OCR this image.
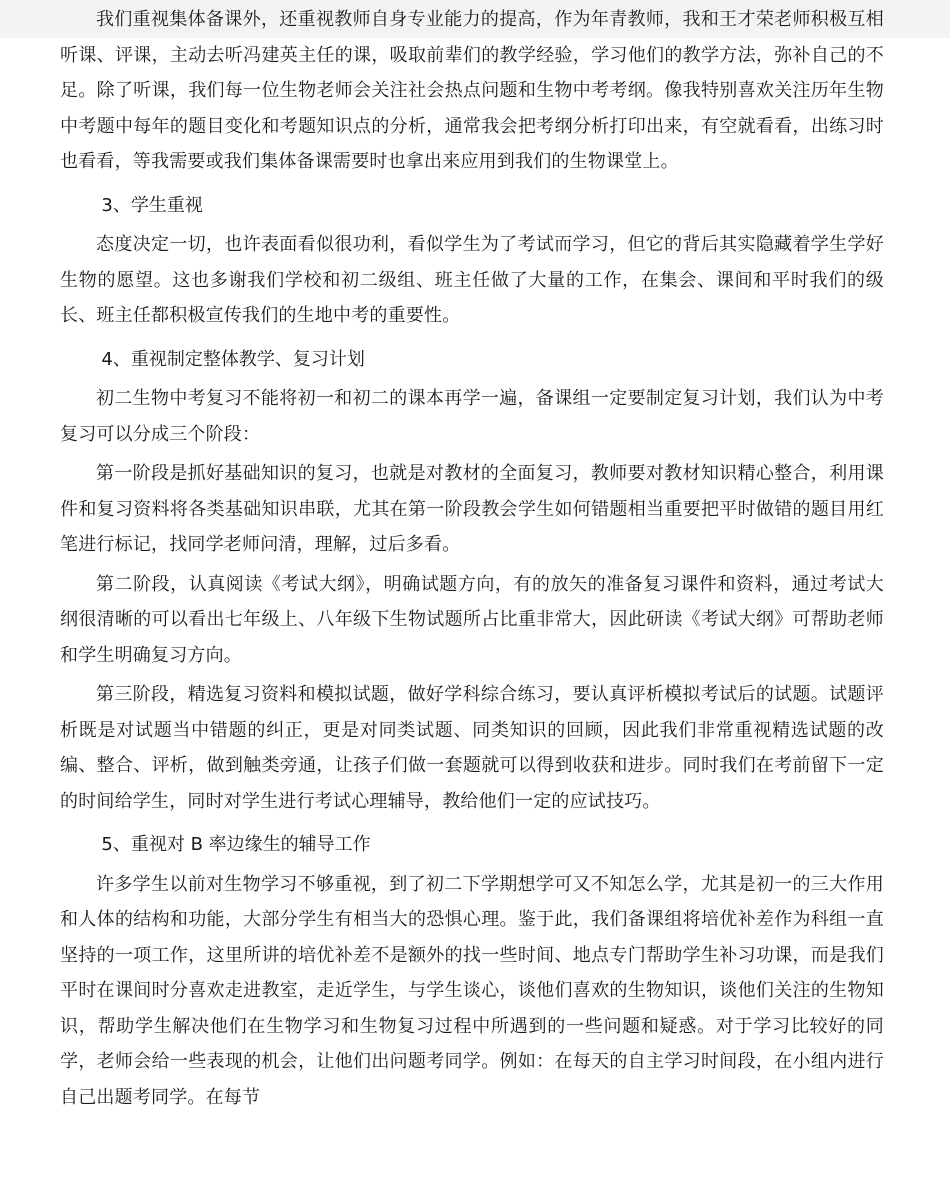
我们重视集体备课外，还重视教师自身专业能力的提高，作为年青教师，我和王才荣老师积极互相听课、评课，主动去听冯建英主任的课，吸取前辈们的教学经验，学习他们的教学方法，弥补自己的不足。除了听课，我们每一位生物老师会关注社会热点问题和生物中考考纲。像我特别喜欢关注历年生物中考题中每年的题目变化和考题知识点的分析，通常我会把考纲分析打印出来，有空就看看，出练习时也看看，等我需要或我们集体备课需要时也拿出来应用到我们的生物课堂上。

3、学生重视

态度决定一切，也许表面看似很功利，看似学生为了考试而学习，但它的背后其实隐藏着学生学好生物的愿望。这也多谢我们学校和初二级组、班主任做了大量的工作，在集会、课间和平时我们的级长、班主任都积极宣传我们的生地中考的重要性。

4、重视制定整体教学、复习计划

初二生物中考复习不能将初一和初二的课本再学一遍，备课组一定要制定复习计划，我们认为中考复习可以分成三个阶段：

第一阶段是抓好基础知识的复习，也就是对教材的全面复习，教师要对教材知识精心整合，利用课件和复习资料将各类基础知识串联，尤其在第一阶段教会学生如何错题相当重要把平时做错的题目用红笔进行标记，找同学老师问清，理解，过后多看。

第二阶段，认真阅读《考试大纲》，明确试题方向，有的放矢的准备复习课件和资料，通过考试大纲很清晰的可以看出七年级上、八年级下生物试题所占比重非常大，因此研读《考试大纲》可帮助老师和学生明确复习方向。

第三阶段，精选复习资料和模拟试题，做好学科综合练习，要认真评析模拟考试后的试题。试题评析既是对试题当中错题的纠正，更是对同类试题、同类知识的回顾，因此我们非常重视精选试题的改编、整合、评析，做到触类旁通，让孩子们做一套题就可以得到收获和进步。同时我们在考前留下一定的时间给学生，同时对学生进行考试心理辅导，教给他们一定的应试技巧。

5、重视对 B 率边缘生的辅导工作

许多学生以前对生物学习不够重视，到了初二下学期想学可又不知怎么学，尤其是初一的三大作用和人体的结构和功能，大部分学生有相当大的恐惧心理。鉴于此，我们备课组将培优补差作为科组一直坚持的一项工作，这里所讲的培优补差不是额外的找一些时间、地点专门帮助学生补习功课，而是我们平时在课间时分喜欢走进教室，走近学生，与学生谈心，谈他们喜欢的生物知识，谈他们关注的生物知识，帮助学生解决他们在生物学习和生物复习过程中所遇到的一些问题和疑惑。对于学习比较好的同学，老师会给一些表现的机会，让他们出问题考同学。例如：在每天的自主学习时间段，在小组内进行自己出题考同学。在每节
